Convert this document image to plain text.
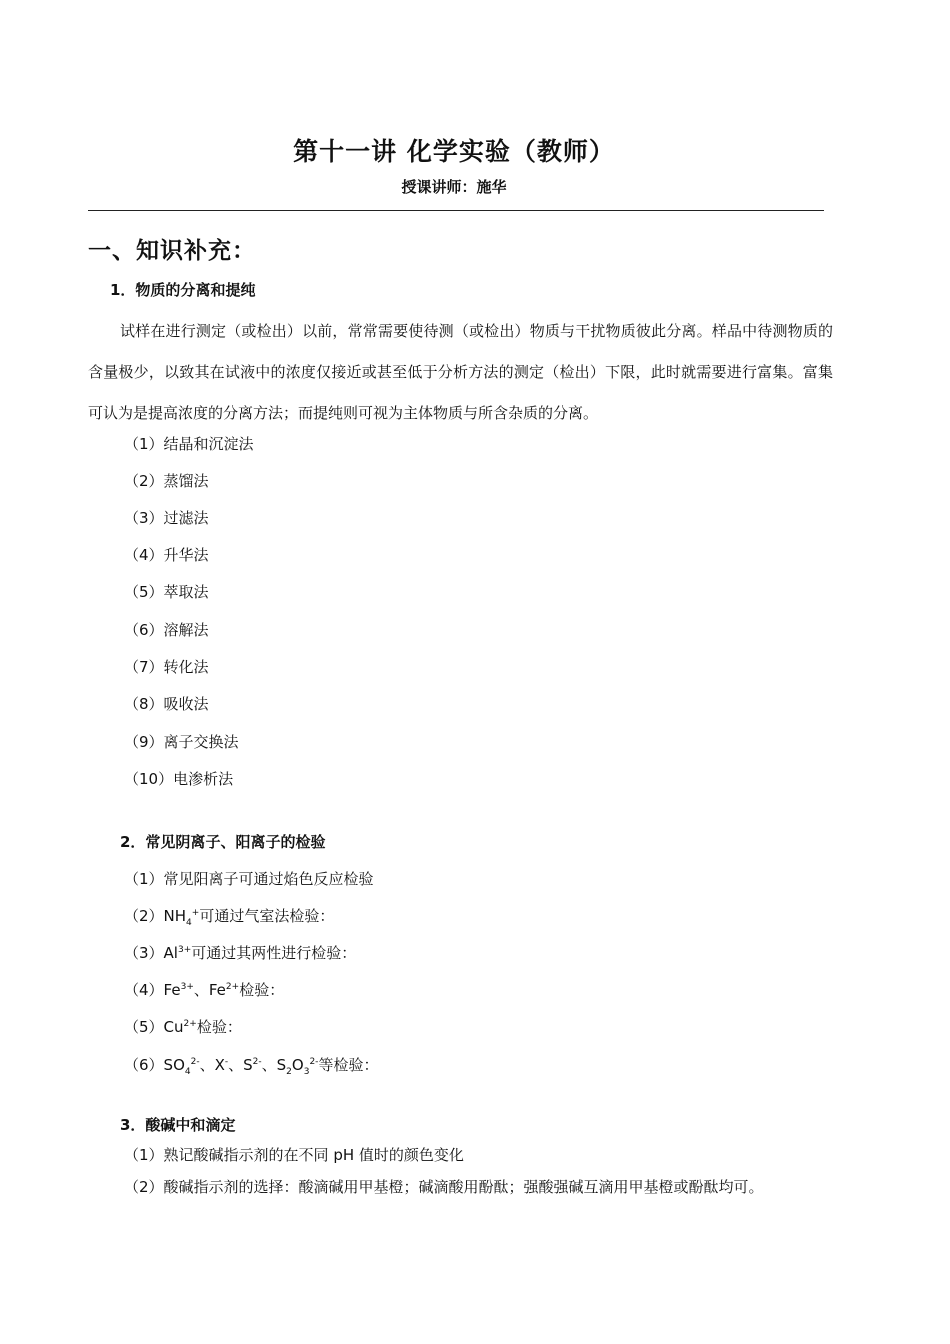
第十一讲 化学实验（教师）
授课讲师：施华
一、知识补充：
1．物质的分离和提纯
试样在进行测定（或检出）以前，常常需要使待测（或检出）物质与干扰物质彼此分离。样品中待测物质的含量极少，以致其在试液中的浓度仅接近或甚至低于分析方法的测定（检出）下限，此时就需要进行富集。富集可认为是提高浓度的分离方法；而提纯则可视为主体物质与所含杂质的分离。
（1）结晶和沉淀法
（2）蒸馏法
（3）过滤法
（4）升华法
（5）萃取法
（6）溶解法
（7）转化法
（8）吸收法
（9）离子交换法
（10）电渗析法
2．常见阴离子、阳离子的检验
（1）常见阳离子可通过焰色反应检验
$(2)NH_4^+$可通过气室法检验：
$(3)Al^{3+}$可通过其两性进行检验：
$(4)Fe^{3+}$、$Fe^{2+}$检验：
$(5)Cu^{2+}$检验：
$(6)SO_4^{2-}$、X-、$S^{2-}$、$S_2O_3^{2-}$等检验：
3．酸碱中和滴定
（1）熟记酸碱指示剂的在不同 pH 值时的颜色变化
（2）酸碱指示剂的选择：酸滴碱用甲基橙；碱滴酸用酚酞；强酸强碱互滴用甲基橙或酚酞均可。
